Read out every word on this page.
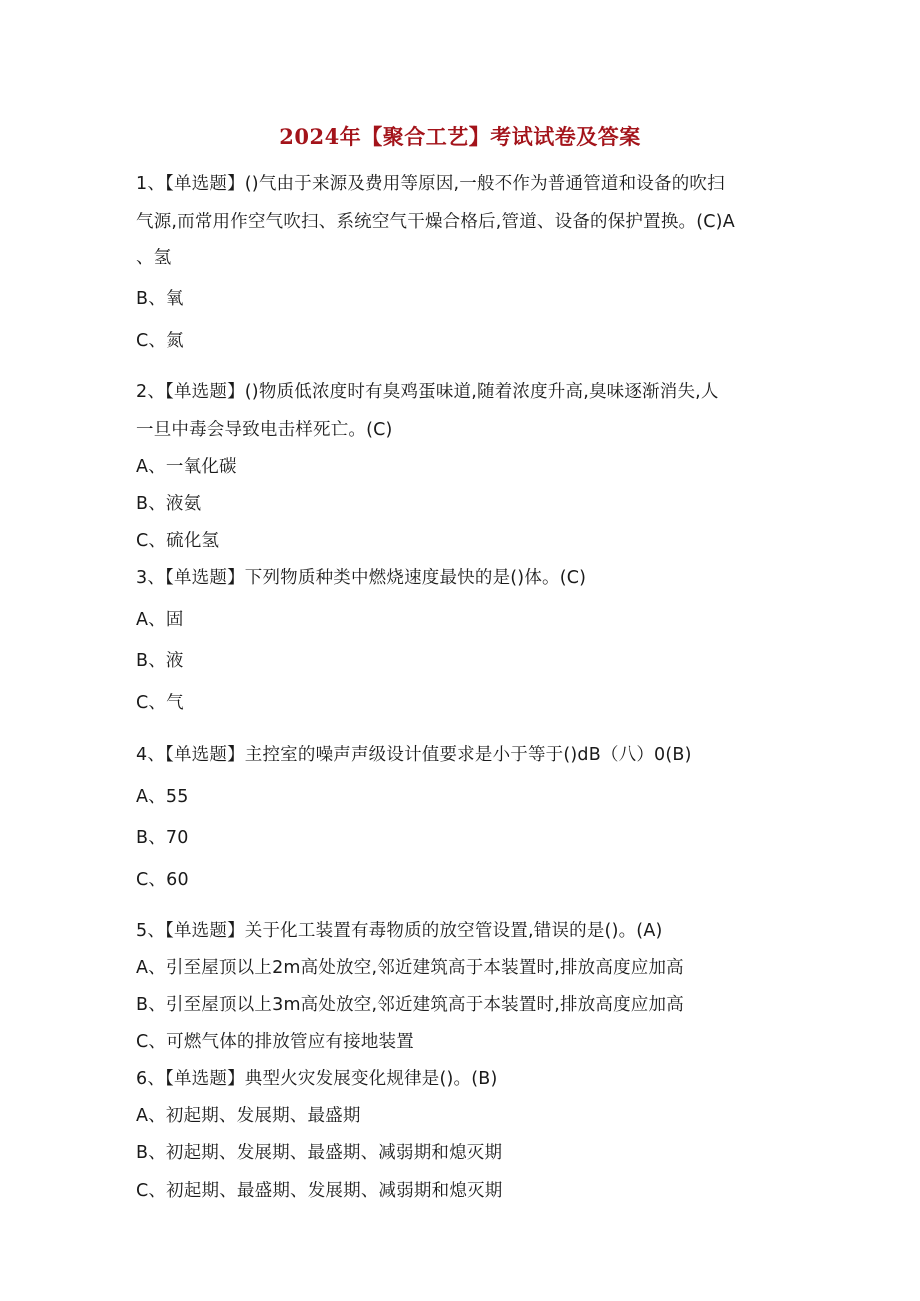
2024年【聚合工艺】考试试卷及答案
1、【单选题】()气由于来源及费用等原因,一般不作为普通管道和设备的吹扫
气源,而常用作空气吹扫、系统空气干燥合格后,管道、设备的保护置换。(C)A
、氢
B、氧
C、氮
2、【单选题】()物质低浓度时有臭鸡蛋味道,随着浓度升高,臭味逐渐消失,人
一旦中毒会导致电击样死亡。(C)
A、一氧化碳
B、液氨
C、硫化氢
3、【单选题】下列物质种类中燃烧速度最快的是()体。(C)
A、固
B、液
C、气
4、【单选题】主控室的噪声声级设计值要求是小于等于()dB（八）0(B)
A、55
B、70
C、60
5、【单选题】关于化工装置有毒物质的放空管设置,错误的是()。(A)
A、引至屋顶以上2m高处放空,邻近建筑高于本装置时,排放高度应加高
B、引至屋顶以上3m高处放空,邻近建筑高于本装置时,排放高度应加高
C、可燃气体的排放管应有接地装置
6、【单选题】典型火灾发展变化规律是()。(B)
A、初起期、发展期、最盛期
B、初起期、发展期、最盛期、减弱期和熄灭期
C、初起期、最盛期、发展期、减弱期和熄灭期
